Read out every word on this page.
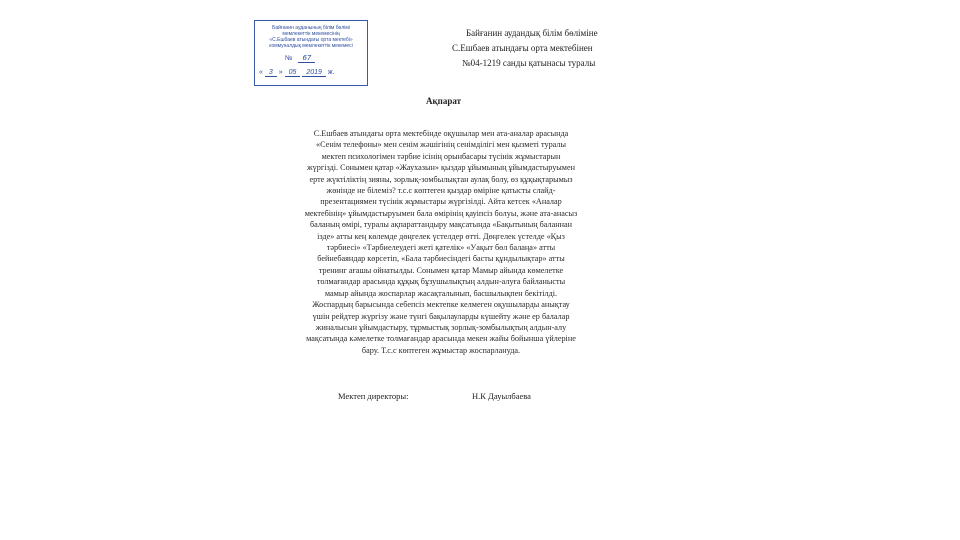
Байғанин ауданының білім бөлімі
мемлекеттік мекемесінің
«С.Ешбаев атындағы орта мектебі»
коммуналдық мемлекеттік мекемесі
№ 67
« 3 » 05 2019 ж.
Байғанин аудандық білім бөлімінe
С.Ешбаев атындағы орта мектебінен
№04-1219 санды қатынасы туралы
Ақпарат

С.Ешбаев атындағы орта мектебінде оқушылар мен ата-аналар арасында

«Сенім телефоны» мен сенім жәшігінің сенімділігі мен қызметі туралы

мектеп психологімен тәрбие ісінің орынбасары түсінік жұмыстарын

жүргізді. Сонымен қатар «Жаухазын» қыздар ұйымының ұйымдастыруымен

ерте жүктіліктің зияны, зорлық-зомбылықтан аулақ болу, өз құқықтарымыз

жөнінде не білеміз? т.с.с көптеген қыздар өміріне қатысты слайд-

презентациямен түсінік жұмыстары жүргізілді. Айта кетсек «Аналар

мектебінің» ұйымдастыруымен бала өмірінің қауіпсіз болуы, және ата-анасыз

баланың өмірі, туралы ақпараттандыру мақсатында «Бақытының баланнан

ізде» атты кең көлемде дөңгелек үстелдер өтті. Дөңгелек үстелде «Қыз

тәрбиесі» «Тәрбиелеудегі жеті қателік» «Уақыт бөл балаңа» атты

бейнебаяндар көрсетіп, «Бала тәрбиесіндегі басты құндылықтар» атты

тренинг ағашы ойнатылды. Сонымен қатар Мамыр айында көмелетке

толмағандар арасында құқық бұзушылықтың алдын-алуға байланысты

мамыр айында жоспарлар жасақталынып, басшылықпен бекітілді.

Жоспардың барысында себепсіз мектепке келмеген оқушыларды анықтау

үшін рейдтер жүргізу және түнгі бақылауларды күшейту және ер балалар

жиналысын ұйымдастыру, тұрмыстық зорлық-зомбылықтың алдын-алу

мақсатында кәмелетке толмағандар арасында мекен жайы бойынша үйлеріне

бару. Т.с.с көптеген жұмыстар жоспарлануда.

Мектеп директоры:	Н.К Дауылбаева
